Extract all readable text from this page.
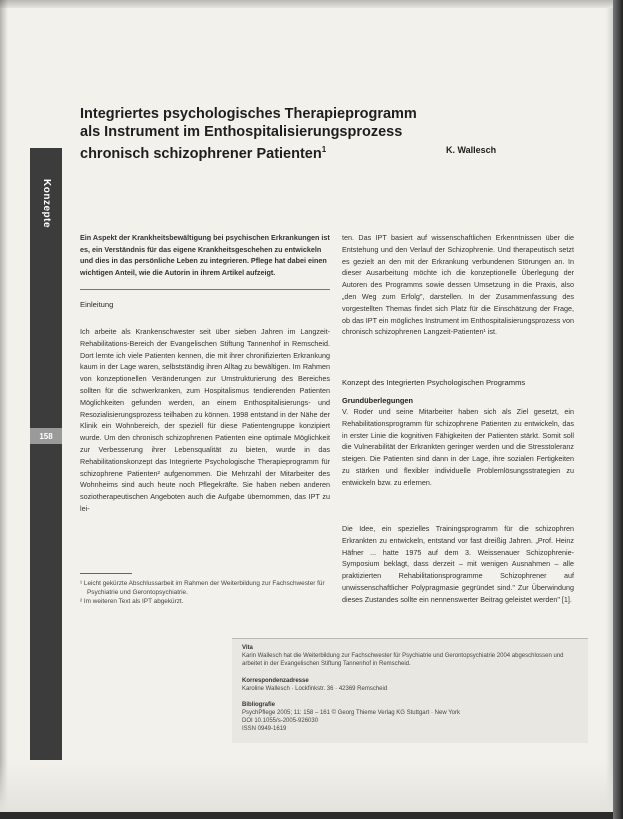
Konzepte
158
Integriertes psychologisches Therapieprogramm
als Instrument im Enthospitalisierungsprozess
chronisch schizophrener Patienten$^1$	K. Wallesch
Ein Aspekt der Krankheitsbewältigung bei psychischen Erkrankungen ist es, ein Verständnis für das eigene Krankheitsgeschehen zu entwickeln und dies in das persönliche Leben zu integrieren. Pflege hat dabei einen wichtigen Anteil, wie die Autorin in ihrem Artikel aufzeigt.
Einleitung
Ich arbeite als Krankenschwester seit über sieben Jahren im Langzeit-Rehabilitations-Bereich der Evangelischen Stiftung Tannenhof in Remscheid. Dort lernte ich viele Patienten kennen, die mit ihrer chronifizierten Erkrankung kaum in der Lage waren, selbstständig ihren Alltag zu bewältigen. Im Rahmen von konzeptionellen Veränderungen zur Umstrukturierung des Bereiches sollten für die schwerkranken, zum Hospitalismus tendierenden Patienten Möglichkeiten gefunden werden, an einem Enthospitalisierungs- und Resozialisierungsprozess teilhaben zu können. 1998 entstand in der Nähe der Klinik ein Wohnbereich, der speziell für diese Patientengruppe konzipiert wurde. Um den chronisch schizophrenen Patienten eine optimale Möglichkeit zur Verbesserung ihrer Lebensqualität zu bieten, wurde in das Rehabilitationskonzept das Integrierte Psychologische Therapieprogramm für schizophrene Patienten² aufgenommen. Die Mehrzahl der Mitarbeiter des Wohnheims sind auch heute noch Pflegekräfte. Sie haben neben anderen soziotherapeutischen Angeboten auch die Aufgabe übernommen, das IPT zu lei-
ten. Das IPT basiert auf wissenschaftlichen Erkenntnissen über die Entstehung und den Verlauf der Schizophrenie. Und therapeutisch setzt es gezielt an den mit der Erkrankung verbundenen Störungen an. In dieser Ausarbeitung möchte ich die konzeptionelle Überlegung der Autoren des Programms sowie dessen Umsetzung in die Praxis, also „den Weg zum Erfolg", darstellen. In der Zusammenfassung des vorgestellten Themas findet sich Platz für die Einschätzung der Frage, ob das IPT ein mögliches Instrument im Enthospitalisierungsprozess von chronisch schizophrenen Langzeit-Patienten¹ ist.
Konzept des Integrierten Psychologischen Programms
Grundüberlegungen
V. Roder und seine Mitarbeiter haben sich als Ziel gesetzt, ein Rehabilitationsprogramm für schizophrene Patienten zu entwickeln, das in erster Linie die kognitiven Fähigkeiten der Patienten stärkt. Somit soll die Vulnerabilität der Erkrankten geringer werden und die Stresstoleranz steigen. Die Patienten sind dann in der Lage, ihre sozialen Fertigkeiten zu stärken und flexibler individuelle Problemlösungsstrategien zu entwickeln bzw. zu erlernen.
Die Idee, ein spezielles Trainingsprogramm für die schizophren Erkrankten zu entwickeln, entstand vor fast dreißig Jahren. „Prof. Heinz Häfner ... hatte 1975 auf dem 3. Weissenauer Schizophrenie-Symposium beklagt, dass derzeit – mit wenigen Ausnahmen – alle praktizierten Rehabilitationsprogramme Schizophrener auf unwissenschaftlicher Polypragmasie gegründet sind." Zur Überwindung dieses Zustandes sollte ein nennenswerter Beitrag geleistet werden" [1].
¹ Leicht gekürzte Abschlussarbeit im Rahmen der Weiterbildung zur Fachschwester für Psychiatrie und Gerontopsychiatrie.
² Im weiteren Text als IPT abgekürzt.
Vita
Karin Wallesch hat die Weiterbildung zur Fachschwester für Psychiatrie und Gerontopsychiatrie 2004 abgeschlossen und arbeitet in der Evangelischen Stiftung Tannenhof in Remscheid.
Korrespondenzadresse
Karoline Wallesch · Lockfinkstr. 36 · 42369 Remscheid
Bibliografie
PsychPflege 2005; 11: 158 – 161 © Georg Thieme Verlag KG Stuttgart · New York
DOI 10.1055/s-2005-926030
ISSN 0949-1619
